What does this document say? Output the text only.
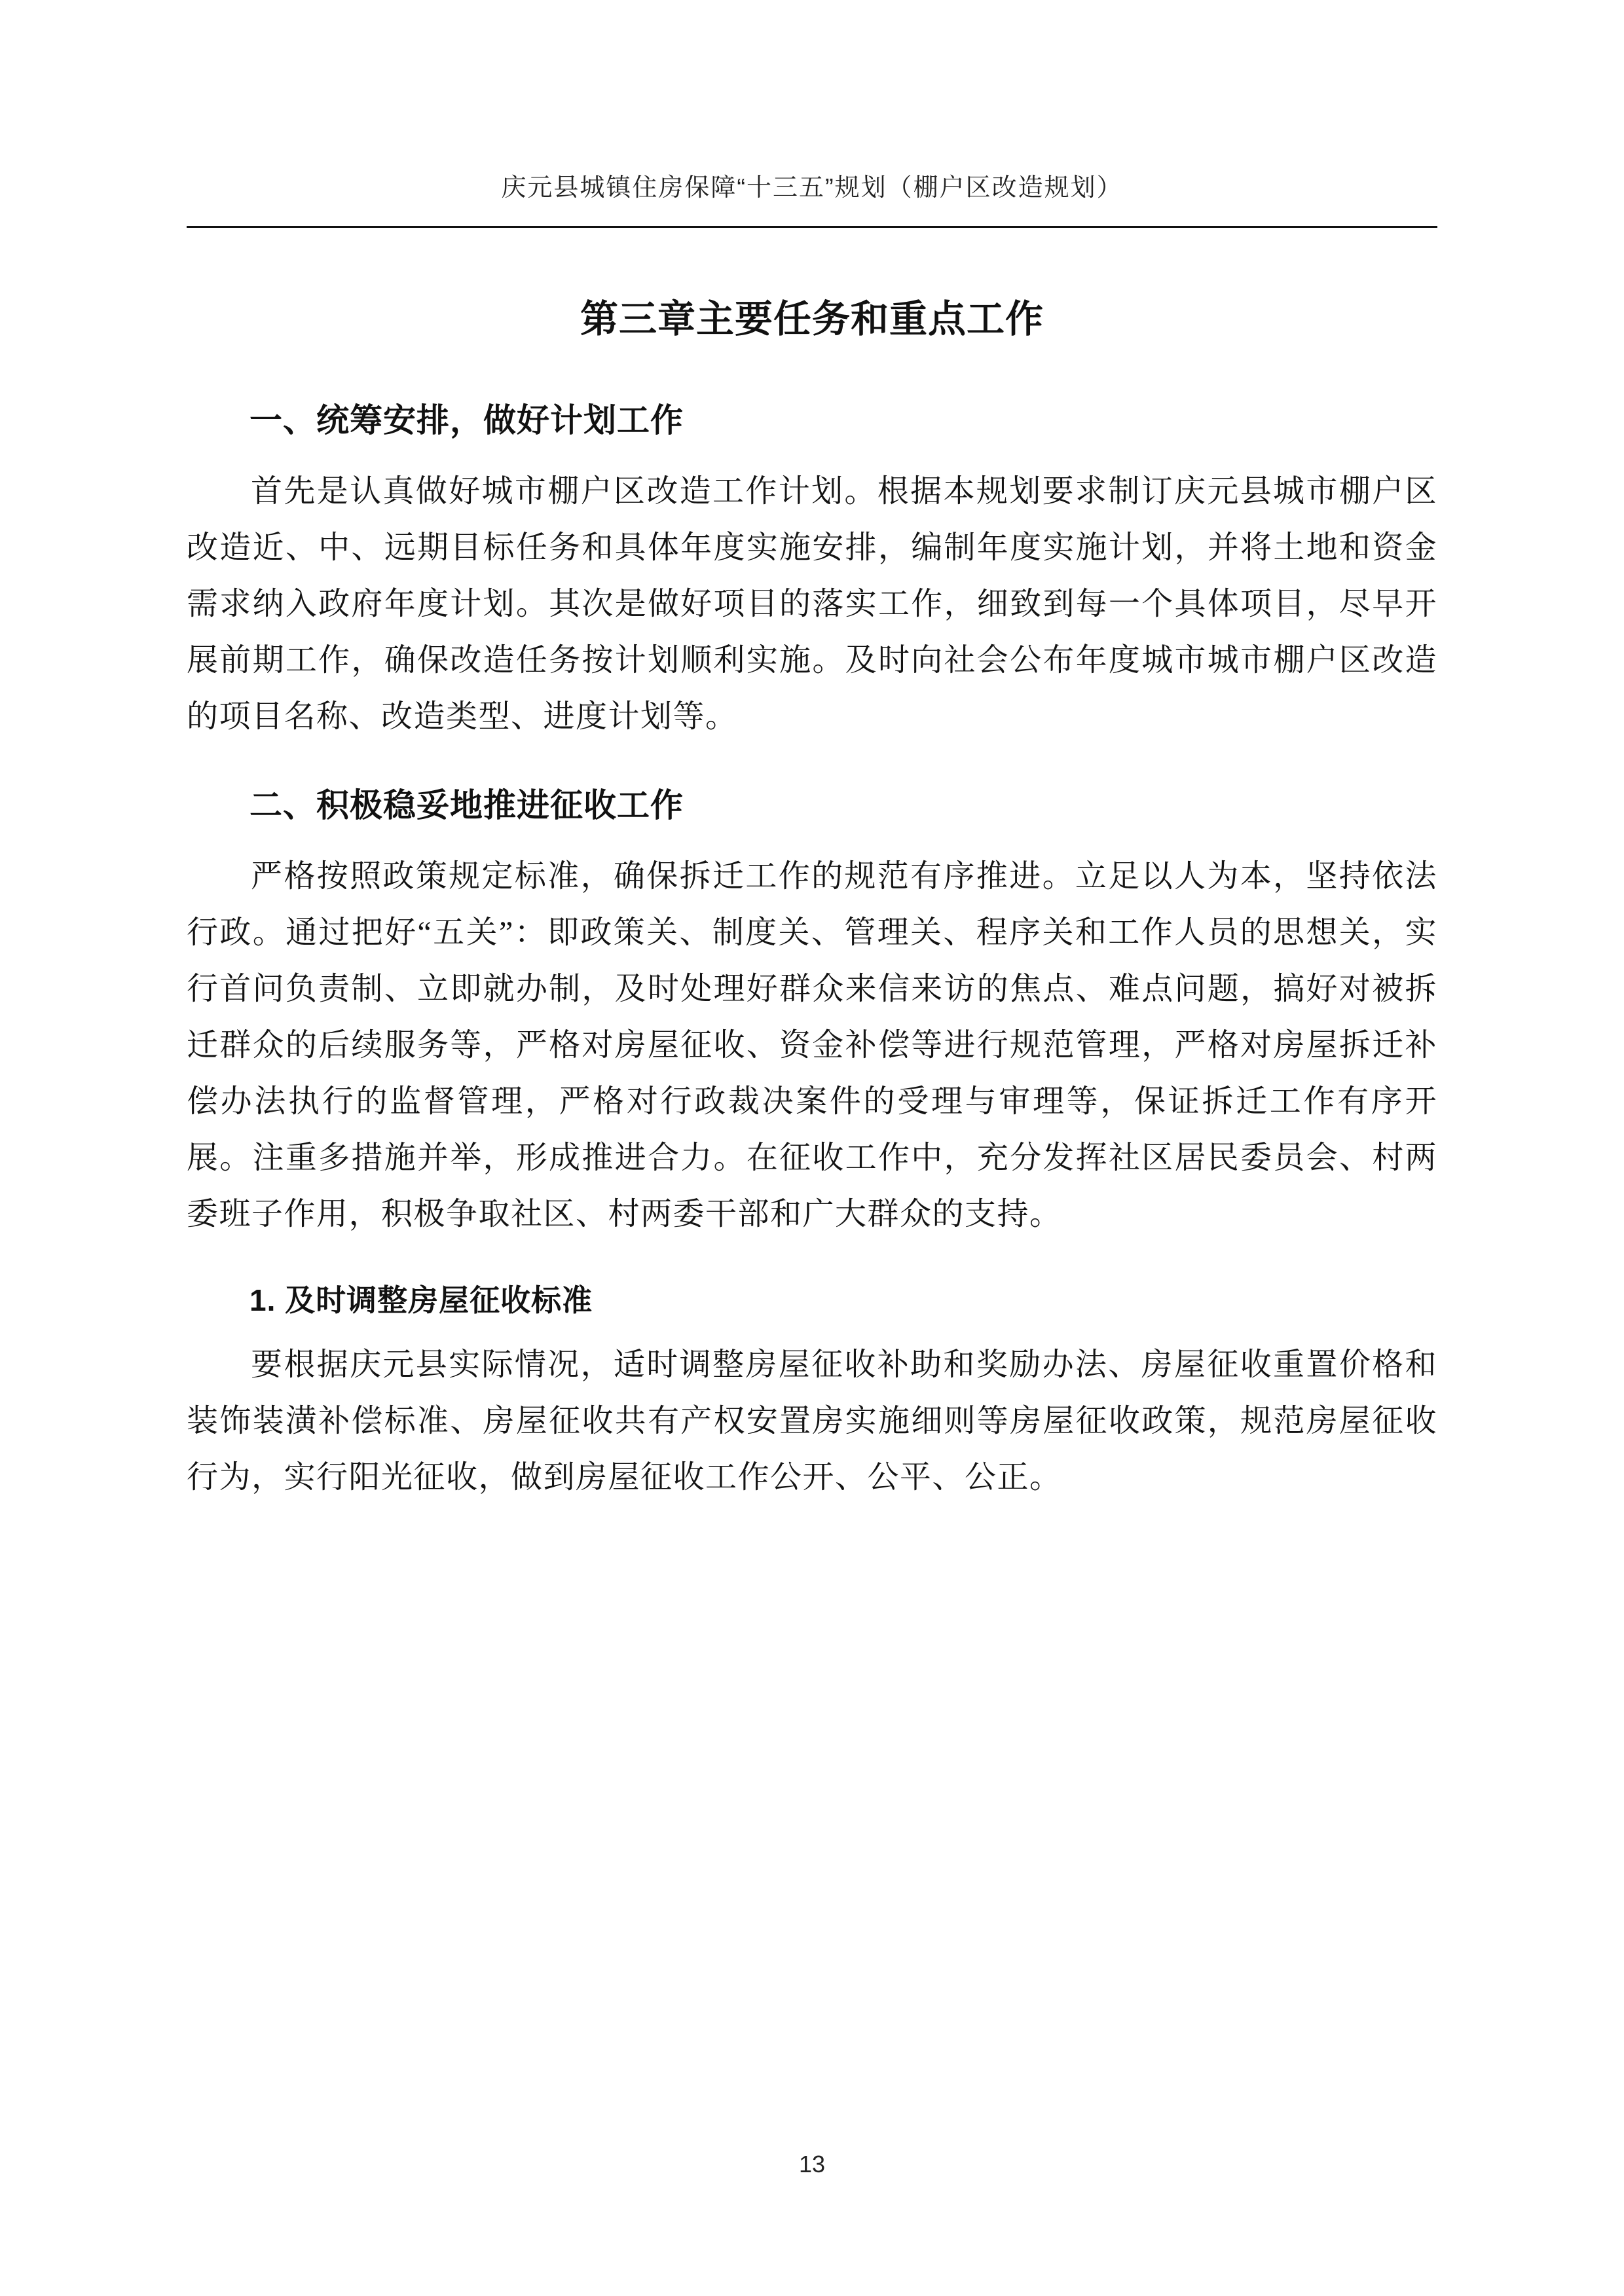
庆元县城镇住房保障“十三五”规划（棚户区改造规划）
第三章主要任务和重点工作
一、统筹安排，做好计划工作

首先是认真做好城市棚户区改造工作计划。根据本规划要求制订庆元县城市棚户区改造近、中、远期目标任务和具体年度实施安排，编制年度实施计划，并将土地和资金需求纳入政府年度计划。其次是做好项目的落实工作，细致到每一个具体项目，尽早开展前期工作，确保改造任务按计划顺利实施。及时向社会公布年度城市城市棚户区改造的项目名称、改造类型、进度计划等。

二、积极稳妥地推进征收工作

严格按照政策规定标准，确保拆迁工作的规范有序推进。立足以人为本，坚持依法行政。通过把好“五关”：即政策关、制度关、管理关、程序关和工作人员的思想关，实行首问负责制、立即就办制，及时处理好群众来信来访的焦点、难点问题，搞好对被拆迁群众的后续服务等，严格对房屋征收、资金补偿等进行规范管理，严格对房屋拆迁补偿办法执行的监督管理，严格对行政裁决案件的受理与审理等，保证拆迁工作有序开展。注重多措施并举，形成推进合力。在征收工作中，充分发挥社区居民委员会、村两委班子作用，积极争取社区、村两委干部和广大群众的支持。

1. 及时调整房屋征收标准

要根据庆元县实际情况，适时调整房屋征收补助和奖励办法、房屋征收重置价格和装饰装潢补偿标准、房屋征收共有产权安置房实施细则等房屋征收政策，规范房屋征收行为，实行阳光征收，做到房屋征收工作公开、公平、公正。

13
